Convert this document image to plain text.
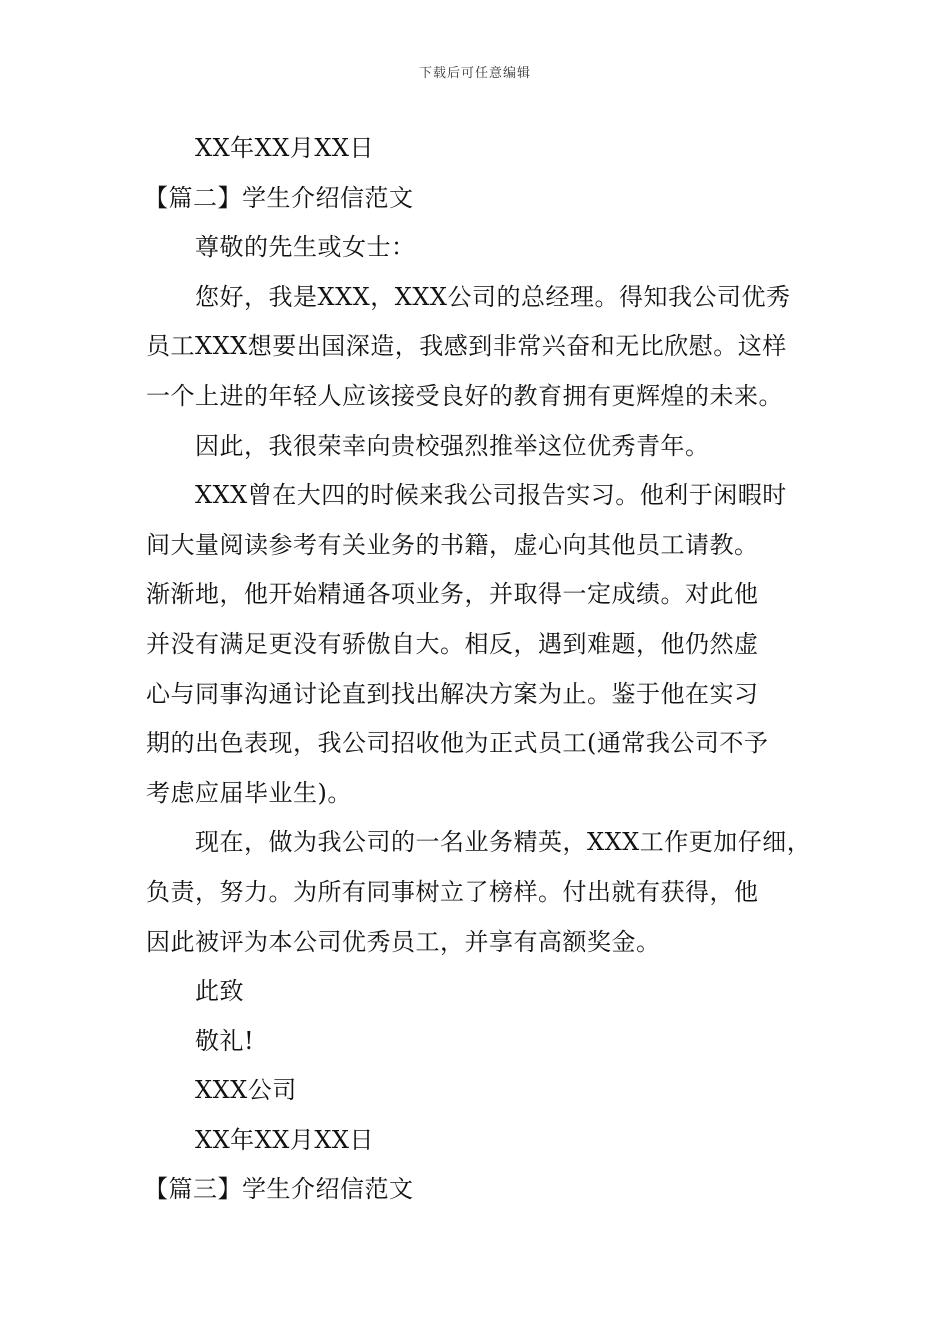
下载后可任意编辑
XX年XX月XX日
【篇二】学生介绍信范文
尊敬的先生或女士：
您好，我是XXX，XXX公司的总经理。得知我公司优秀
员工XXX想要出国深造，我感到非常兴奋和无比欣慰。这样
一个上进的年轻人应该接受良好的教育拥有更辉煌的未来。
因此，我很荣幸向贵校强烈推举这位优秀青年。
XXX曾在大四的时候来我公司报告实习。他利于闲暇时
间大量阅读参考有关业务的书籍，虚心向其他员工请教。
渐渐地，他开始精通各项业务，并取得一定成绩。对此他
并没有满足更没有骄傲自大。相反，遇到难题，他仍然虚
心与同事沟通讨论直到找出解决方案为止。鉴于他在实习
期的出色表现，我公司招收他为正式员工(通常我公司不予
考虑应届毕业生)。
现在，做为我公司的一名业务精英，XXX工作更加仔细，
负责，努力。为所有同事树立了榜样。付出就有获得，他
因此被评为本公司优秀员工，并享有高额奖金。
此致
敬礼!
XXX公司
XX年XX月XX日
【篇三】学生介绍信范文
